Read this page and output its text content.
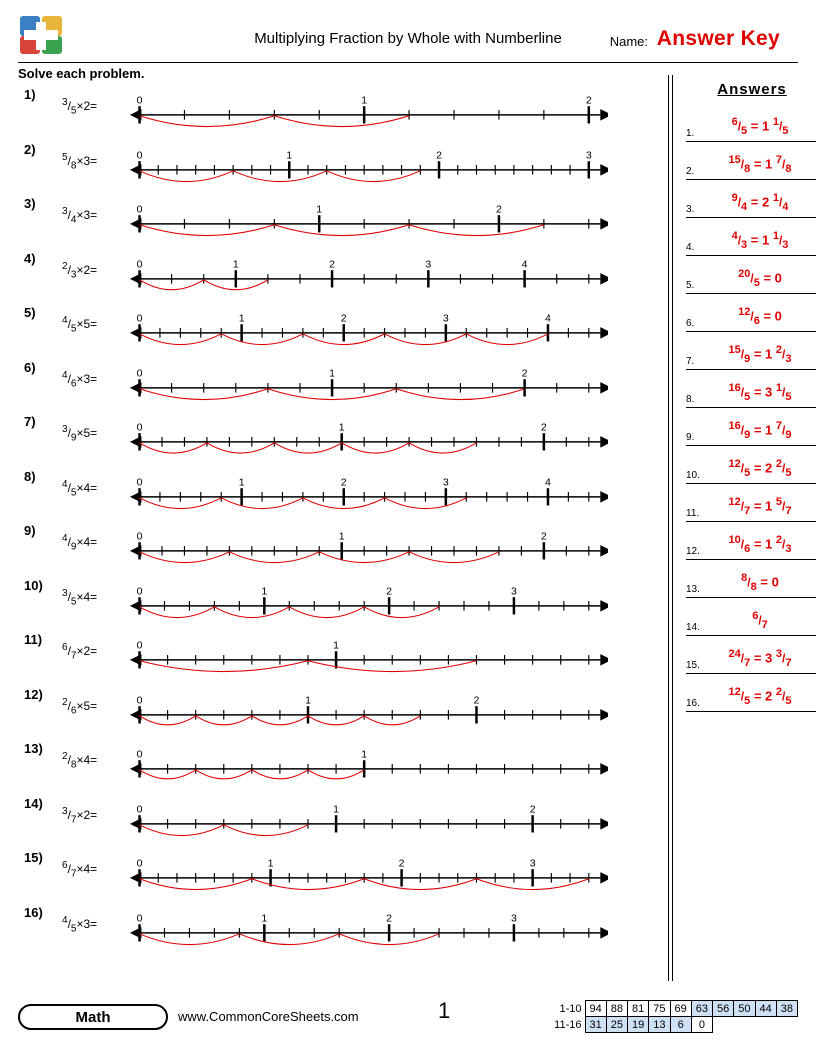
Multiplying Fraction by Whole with Numberline	Name: Answer Key
Solve each problem.
1)
$^3/_5\times 2=$	0	1	2
2)
$^5/_8\times 3=$	0	1	2	3
3)
$^3/_4\times 3=$	0	1	2
4)
$^2/_3\times 2=$	0	1	2	3	4
5)
$^4/_5\times 5=$	0	1	2	3	4
6)
$^4/_6\times 3=$	0	1	2
7)
$^3/_9\times 5=$	0	1	2
8)
$^4/_5\times 4=$	0	1	2	3	4
9)
$^4/_9\times 4=$	0	1	2
10)
$^3/_5\times 4=$	0	1	2	3
11)
$^6/_7\times 2=$	0	1
12)
$^2/_6\times 5=$	0	1	2
13)
$^2/_8\times 4=$	0	1
14)
$^3/_7\times 2=$	0	1	2
15)
$^6/_7\times 4=$	0	1	2	3
16)
$^4/_5\times 3=$	0	1	2	3
Answers
1.
$^6/_5 = 1$ $^1/_5$
2.
$^{15}/_8 = 1$ $^7/_8$
3.
$^9/_4 = 2$ $^1/_4$
4.
$^4/_3 = 1$ $^1/_3$
5.
$^{20}/_5 = 0$
6.
$^{12}/_6 = 0$
7.
$^{15}/_9 = 1$ $^2/_3$
8.
$^{16}/_5 = 3$ $^1/_5$
9.
$^{16}/_9 = 1$ $^7/_9$
10.
$^{12}/_5 = 2$ $^2/_5$
11.
$^{12}/_7 = 1$ $^5/_7$
12.
$^{10}/_6 = 1$ $^2/_3$
13.
$^8/_8 = 0$
14.
$^6/_7$
15.
$^{24}/_7 = 3$ $^3/_7$
16.
$^{12}/_5 = 2$ $^2/_5$
Math	www.CommonCoreSheets.com	1	1-10	94	88	81	75	69	63	56	50	44	38
11-16	31	25	19	13	6	0				
